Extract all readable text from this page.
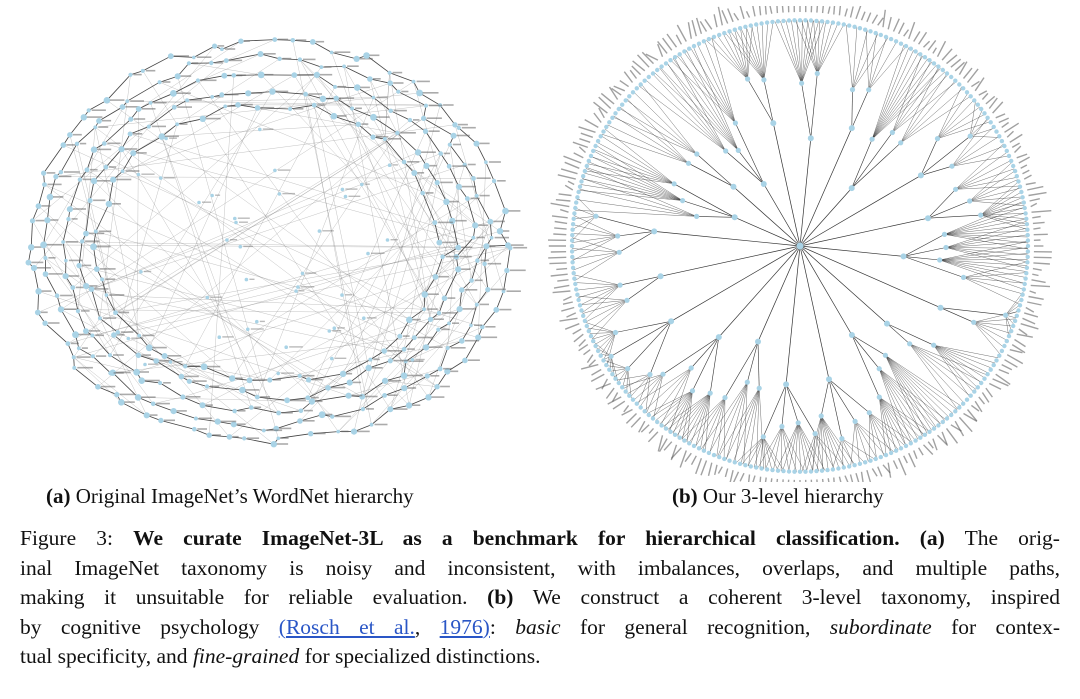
(a) Original ImageNet’s WordNet hierarchy	(b) Our 3-level hierarchy
Figure 3: We curate ImageNet-3L as a benchmark for hierarchical classification. (a) The orig-
inal ImageNet taxonomy is noisy and inconsistent, with imbalances, overlaps, and multiple paths,
making it unsuitable for reliable evaluation. (b) We construct a coherent 3-level taxonomy, inspired
by cognitive psychology (Rosch et al., 1976): basic for general recognition, subordinate for contex-
tual specificity, and fine-grained for specialized distinctions.
